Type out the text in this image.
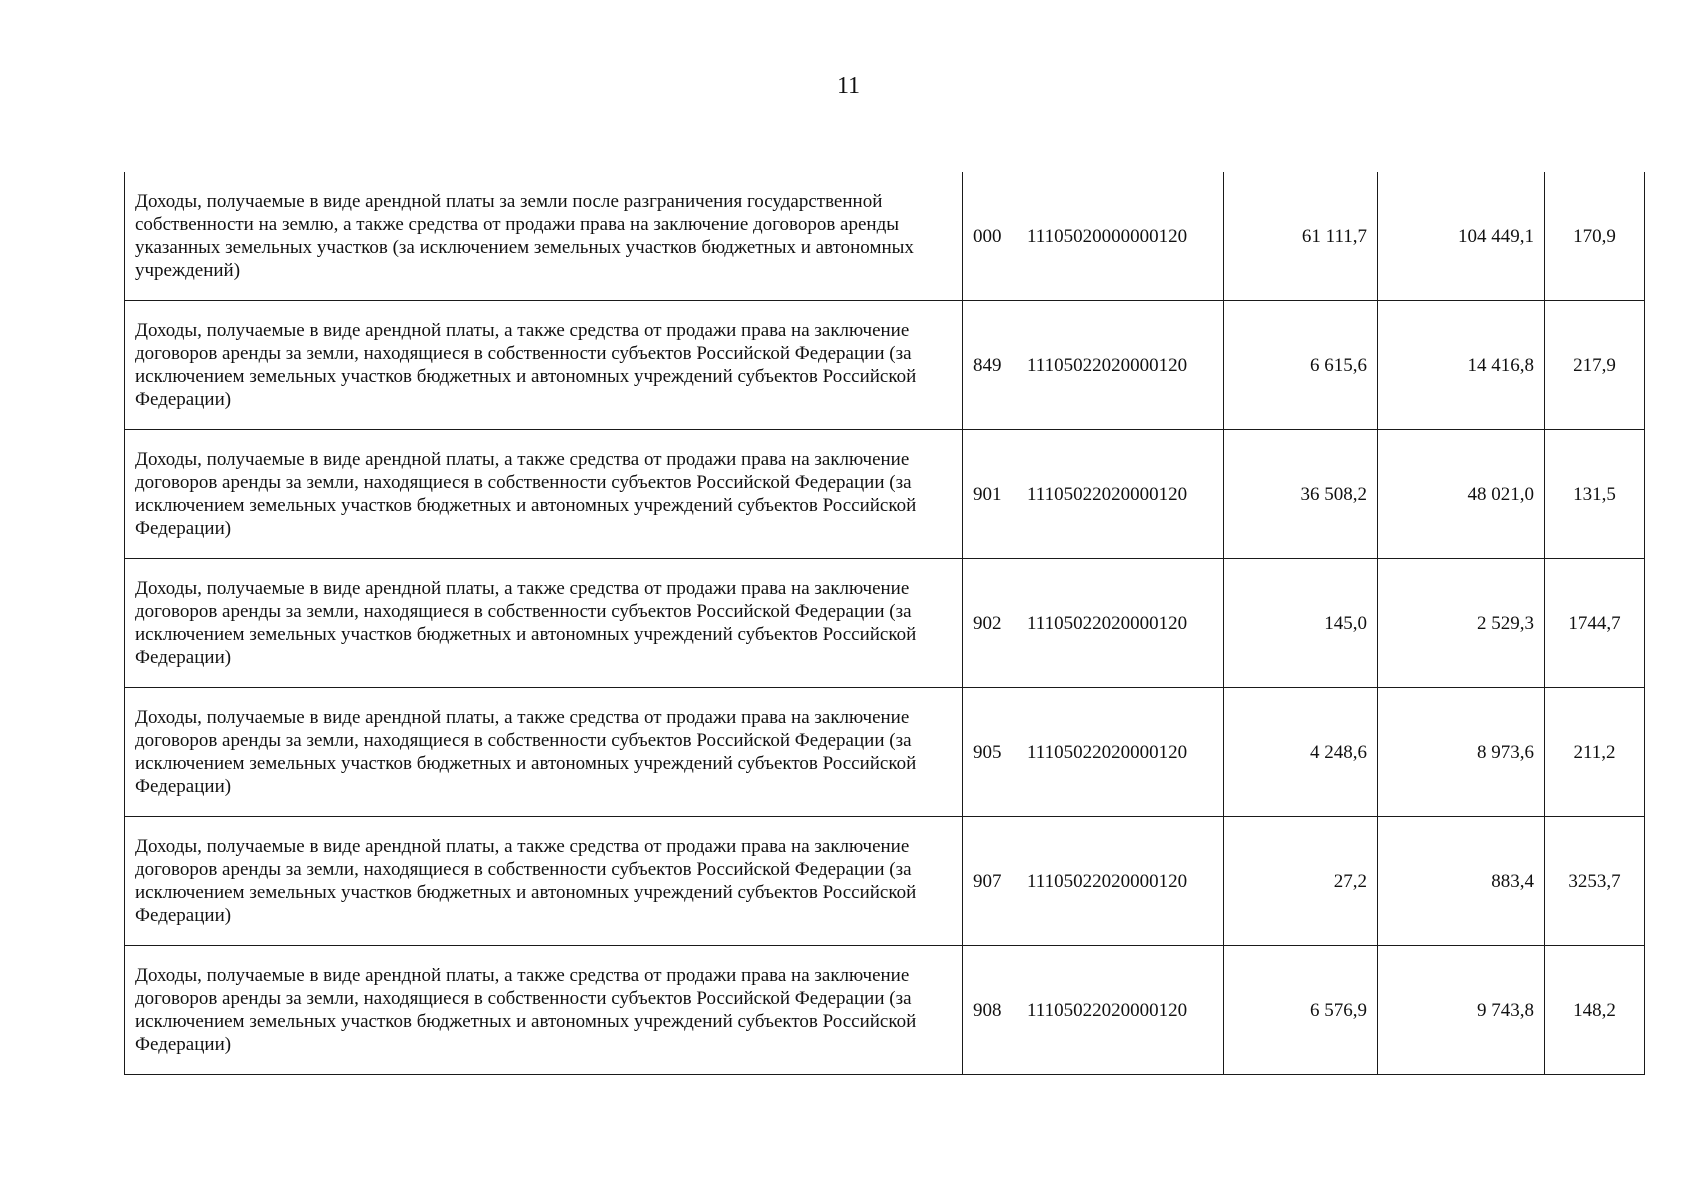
11
Доходы, получаемые в виде арендной платы за земли после разграничения государственной собственности на землю, а также средства от продажи права на заключение договоров аренды указанных земельных участков (за исключением земельных участков бюджетных и автономных учреждений)	000 11105020000000120	61 111,7	104 449,1	170,9
Доходы, получаемые в виде арендной платы, а также средства от продажи права на заключение договоров аренды за земли, находящиеся в собственности субъектов Российской Федерации (за исключением земельных участков бюджетных и автономных учреждений субъектов Российской Федерации)	849 11105022020000120	6 615,6	14 416,8	217,9
Доходы, получаемые в виде арендной платы, а также средства от продажи права на заключение договоров аренды за земли, находящиеся в собственности субъектов Российской Федерации (за исключением земельных участков бюджетных и автономных учреждений субъектов Российской Федерации)	901 11105022020000120	36 508,2	48 021,0	131,5
Доходы, получаемые в виде арендной платы, а также средства от продажи права на заключение договоров аренды за земли, находящиеся в собственности субъектов Российской Федерации (за исключением земельных участков бюджетных и автономных учреждений субъектов Российской Федерации)	902 11105022020000120	145,0	2 529,3	1744,7
Доходы, получаемые в виде арендной платы, а также средства от продажи права на заключение договоров аренды за земли, находящиеся в собственности субъектов Российской Федерации (за исключением земельных участков бюджетных и автономных учреждений субъектов Российской Федерации)	905 11105022020000120	4 248,6	8 973,6	211,2
Доходы, получаемые в виде арендной платы, а также средства от продажи права на заключение договоров аренды за земли, находящиеся в собственности субъектов Российской Федерации (за исключением земельных участков бюджетных и автономных учреждений субъектов Российской Федерации)	907 11105022020000120	27,2	883,4	3253,7
Доходы, получаемые в виде арендной платы, а также средства от продажи права на заключение договоров аренды за земли, находящиеся в собственности субъектов Российской Федерации (за исключением земельных участков бюджетных и автономных учреждений субъектов Российской Федерации)	908 11105022020000120	6 576,9	9 743,8	148,2
